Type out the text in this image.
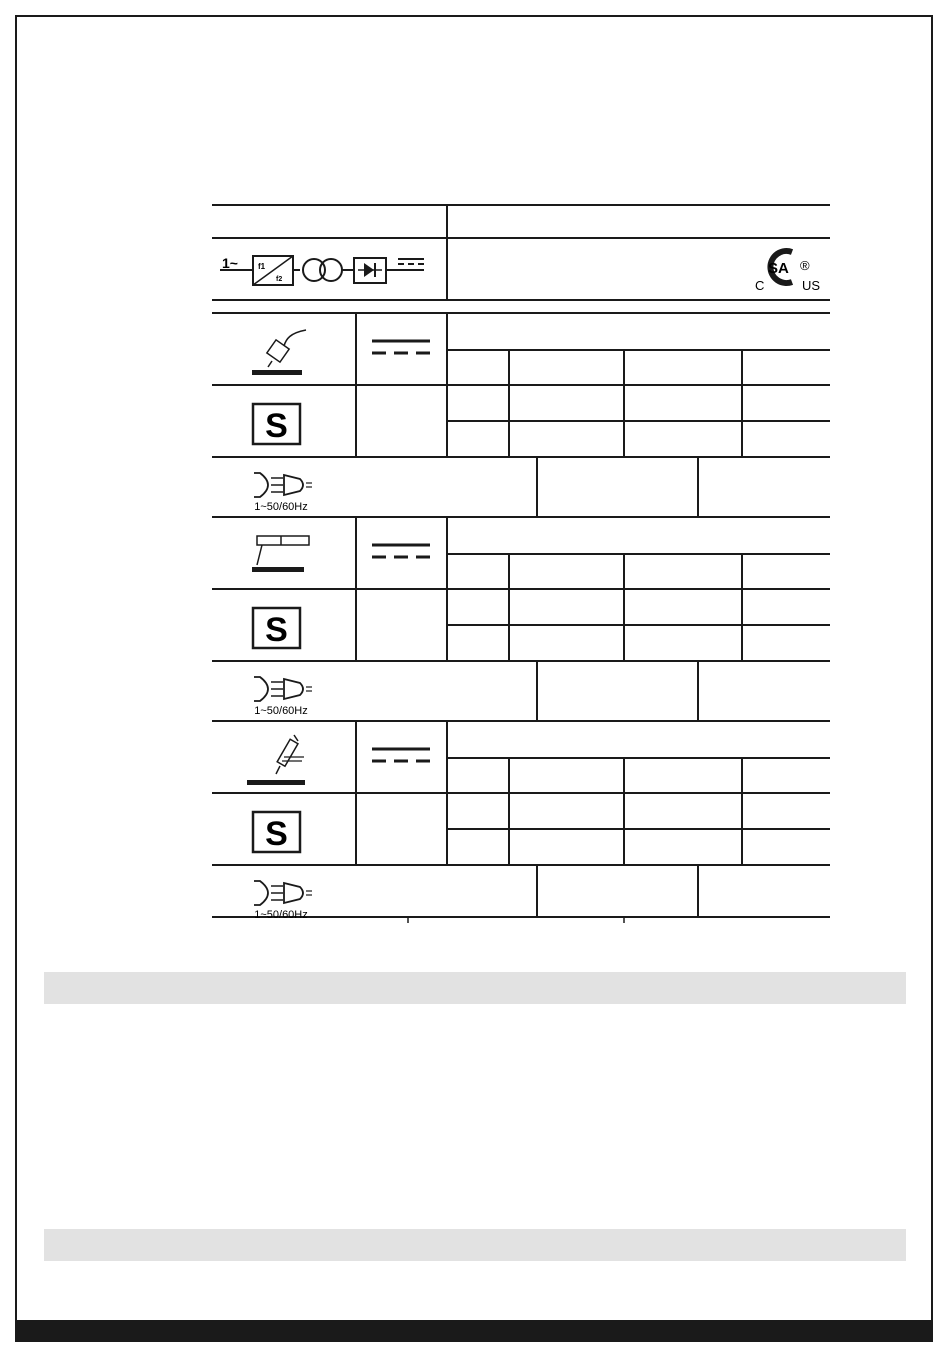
1~	f1
f2
SA ®
C	US
S
1~50/60Hz
S
1~50/60Hz
S
1~50/60Hz
